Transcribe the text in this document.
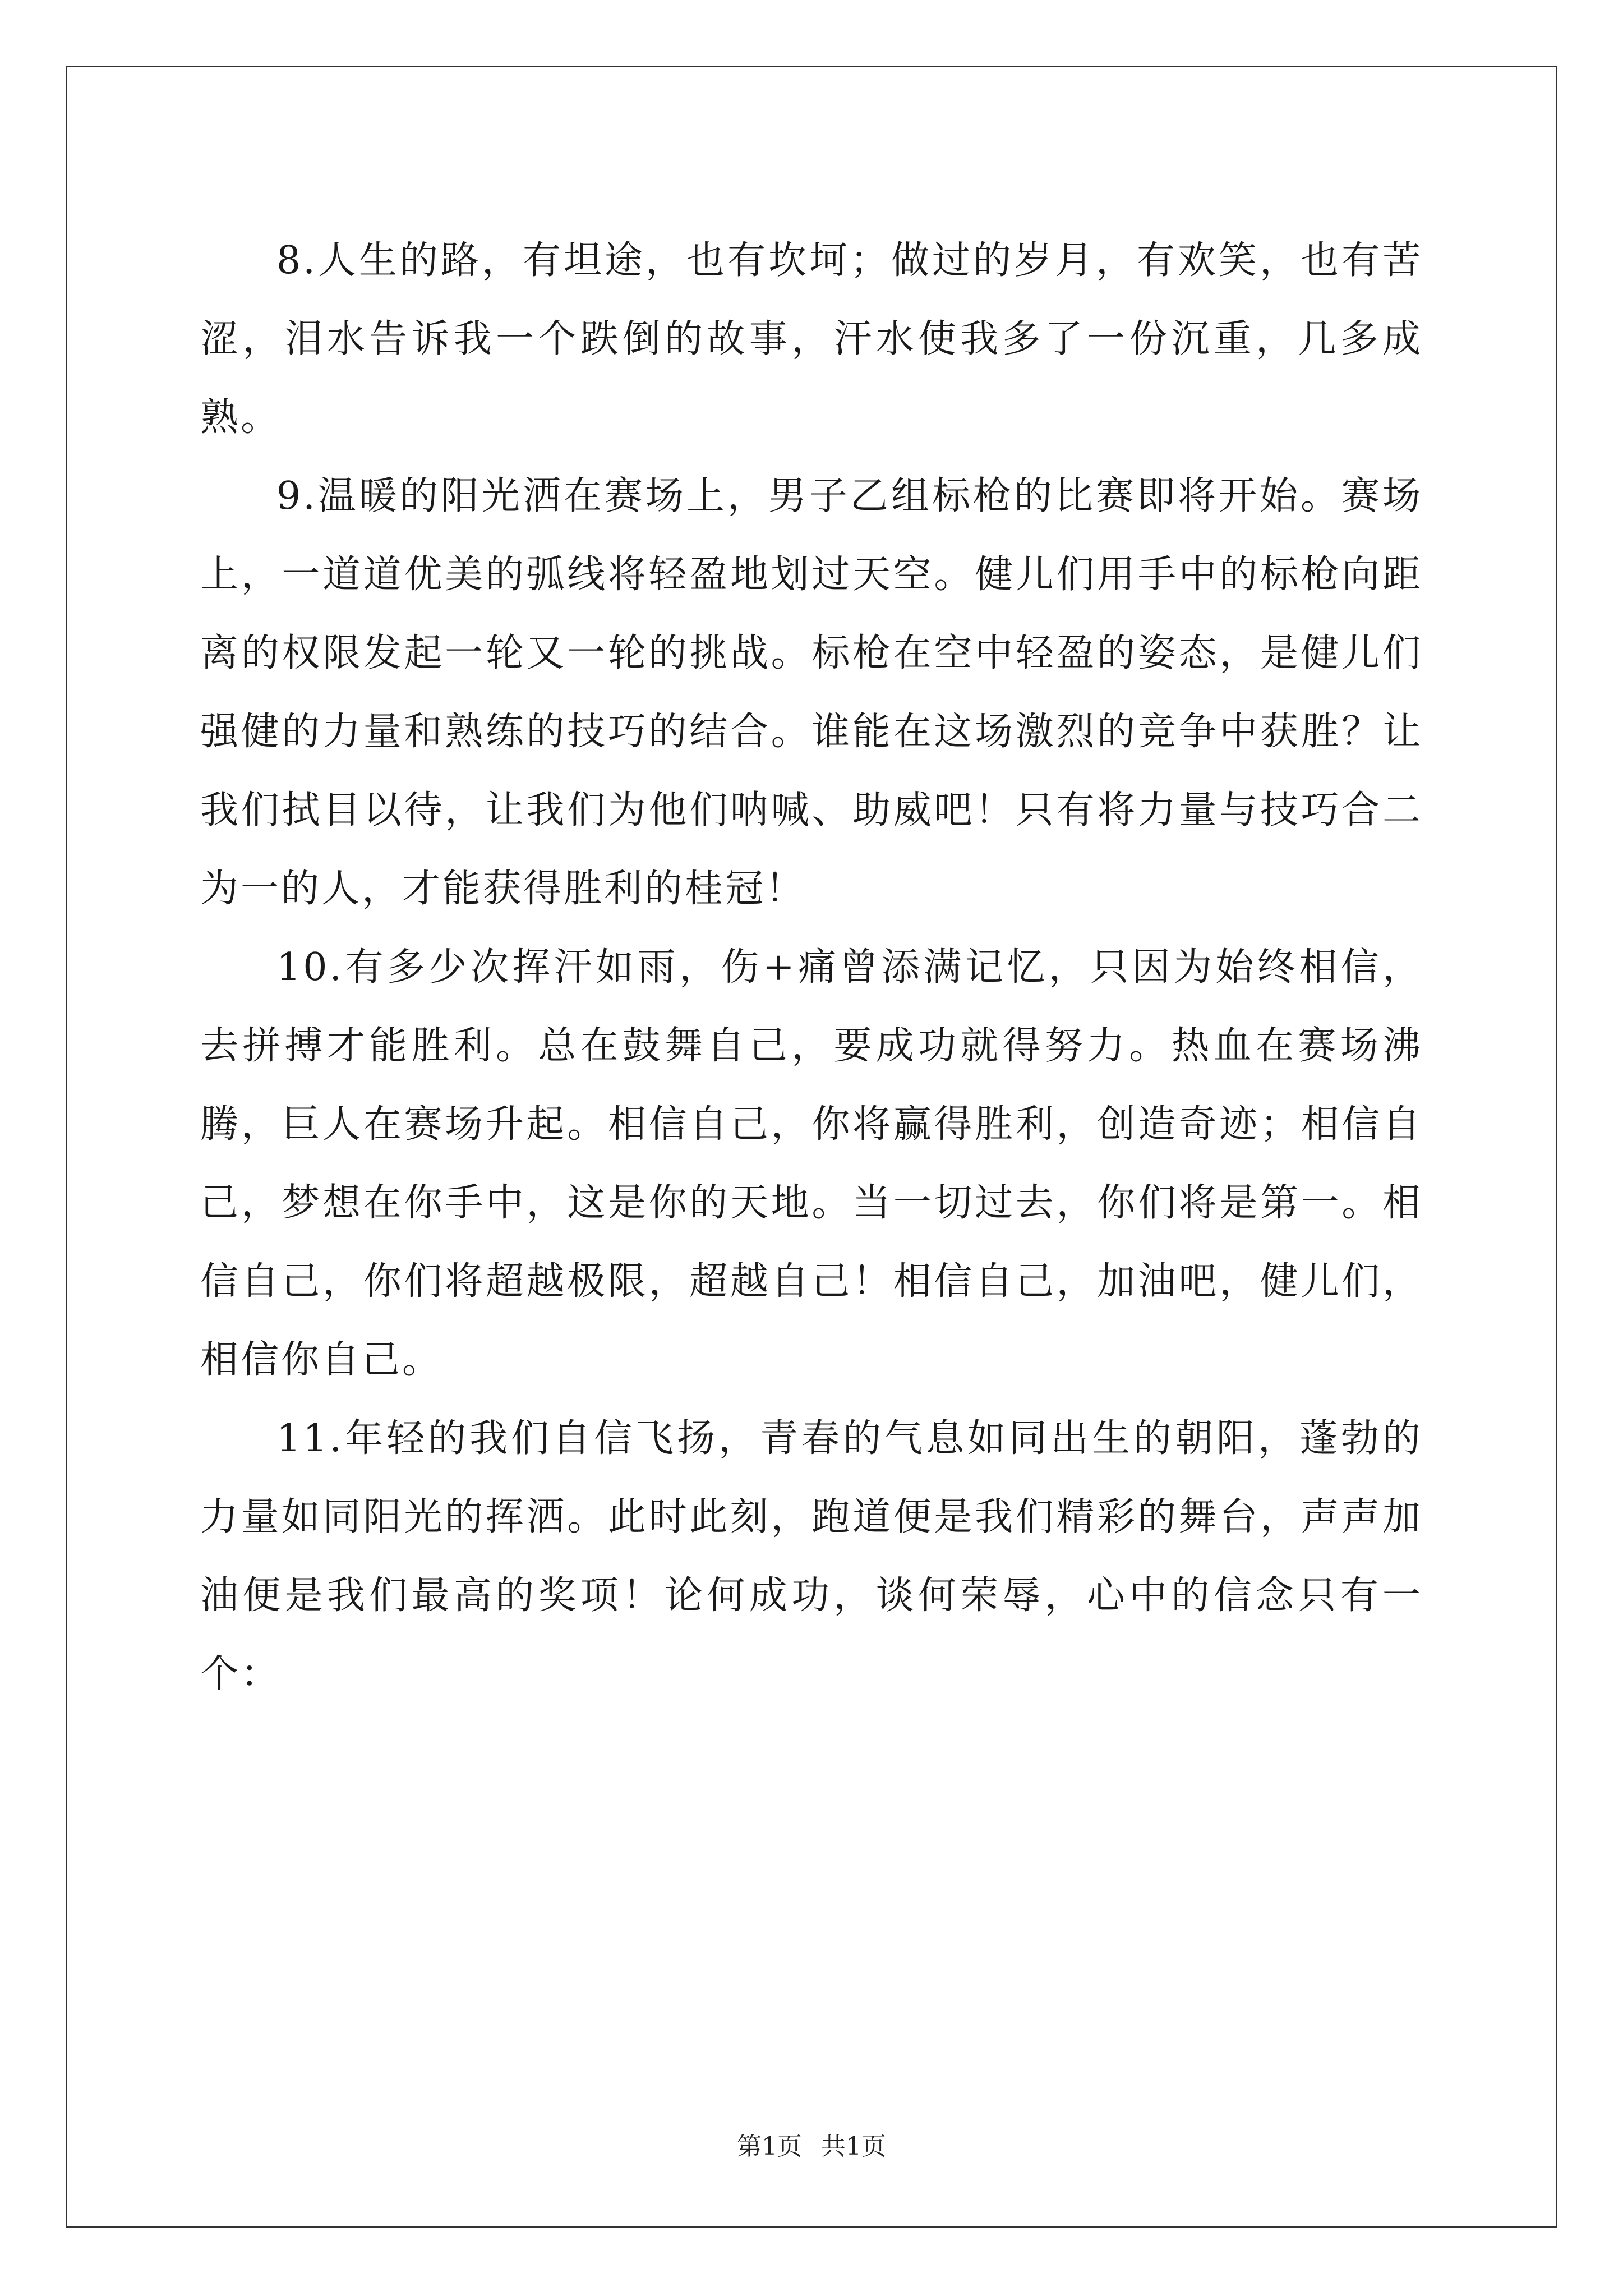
8.人生的路，有坦途，也有坎坷；做过的岁月，有欢笑，也有苦涩，泪水告诉我一个跌倒的故事，汗水使我多了一份沉重，几多成熟。

9.温暖的阳光洒在赛场上，男子乙组标枪的比赛即将开始。赛场上，一道道优美的弧线将轻盈地划过天空。健儿们用手中的标枪向距离的权限发起一轮又一轮的挑战。标枪在空中轻盈的姿态，是健儿们强健的力量和熟练的技巧的结合。谁能在这场激烈的竞争中获胜？让我们拭目以待，让我们为他们呐喊、助威吧！只有将力量与技巧合二为一的人，才能获得胜利的桂冠！

10.有多少次挥汗如雨，伤+痛曾添满记忆，只因为始终相信，去拼搏才能胜利。总在鼓舞自己，要成功就得努力。热血在赛场沸腾，巨人在赛场升起。相信自己，你将赢得胜利，创造奇迹；相信自己，梦想在你手中，这是你的天地。当一切过去，你们将是第一。相信自己，你们将超越极限，超越自己！相信自己，加油吧，健儿们，相信你自己。

11.年轻的我们自信飞扬，青春的气息如同出生的朝阳，蓬勃的力量如同阳光的挥洒。此时此刻，跑道便是我们精彩的舞台，声声加油便是我们最高的奖项！论何成功，谈何荣辱，心中的信念只有一个：

第1页 共1页
